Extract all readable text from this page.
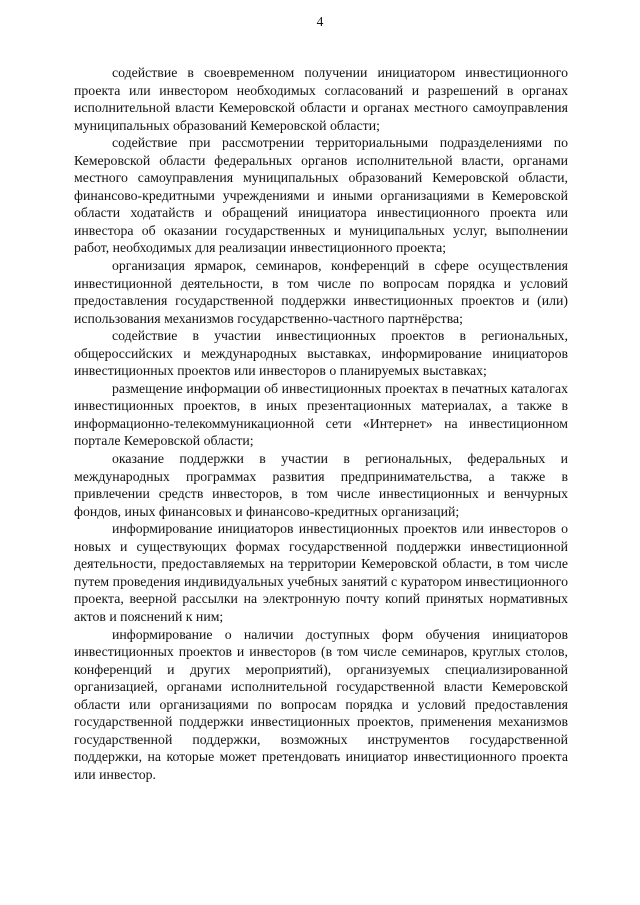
4

содействие в своевременном получении инициатором инвестиционного проекта или инвестором необходимых согласований и разрешений в органах исполнительной власти Кемеровской области и органах местного самоуправления муниципальных образований Кемеровской области;

содействие при рассмотрении территориальными подразделениями по Кемеровской области федеральных органов исполнительной власти, органами местного самоуправления муниципальных образований Кемеровской области, финансово-кредитными учреждениями и иными организациями в Кемеровской области ходатайств и обращений инициатора инвестиционного проекта или инвестора об оказании государственных и муниципальных услуг, выполнении работ, необходимых для реализации инвестиционного проекта;

организация ярмарок, семинаров, конференций в сфере осуществления инвестиционной деятельности, в том числе по вопросам порядка и условий предоставления государственной поддержки инвестиционных проектов и (или) использования механизмов государственно-частного партнёрства;

содействие в участии инвестиционных проектов в региональных, общероссийских и международных выставках, информирование инициаторов инвестиционных проектов или инвесторов о планируемых выставках;

размещение информации об инвестиционных проектах в печатных каталогах инвестиционных проектов, в иных презентационных материалах, а также в информационно-телекоммуникационной сети «Интернет» на инвестиционном портале Кемеровской области;

оказание поддержки в участии в региональных, федеральных и международных программах развития предпринимательства, а также в привлечении средств инвесторов, в том числе инвестиционных и венчурных фондов, иных финансовых и финансово-кредитных организаций;

информирование инициаторов инвестиционных проектов или инвесторов о новых и существующих формах государственной поддержки инвестиционной деятельности, предоставляемых на территории Кемеровской области, в том числе путем проведения индивидуальных учебных занятий с куратором инвестиционного проекта, веерной рассылки на электронную почту копий принятых нормативных актов и пояснений к ним;

информирование о наличии доступных форм обучения инициаторов инвестиционных проектов и инвесторов (в том числе семинаров, круглых столов, конференций и других мероприятий), организуемых специализированной организацией, органами исполнительной государственной власти Кемеровской области или организациями по вопросам порядка и условий предоставления государственной поддержки инвестиционных проектов, применения механизмов государственной поддержки, возможных инструментов государственной поддержки, на которые может претендовать инициатор инвестиционного проекта или инвестор.
